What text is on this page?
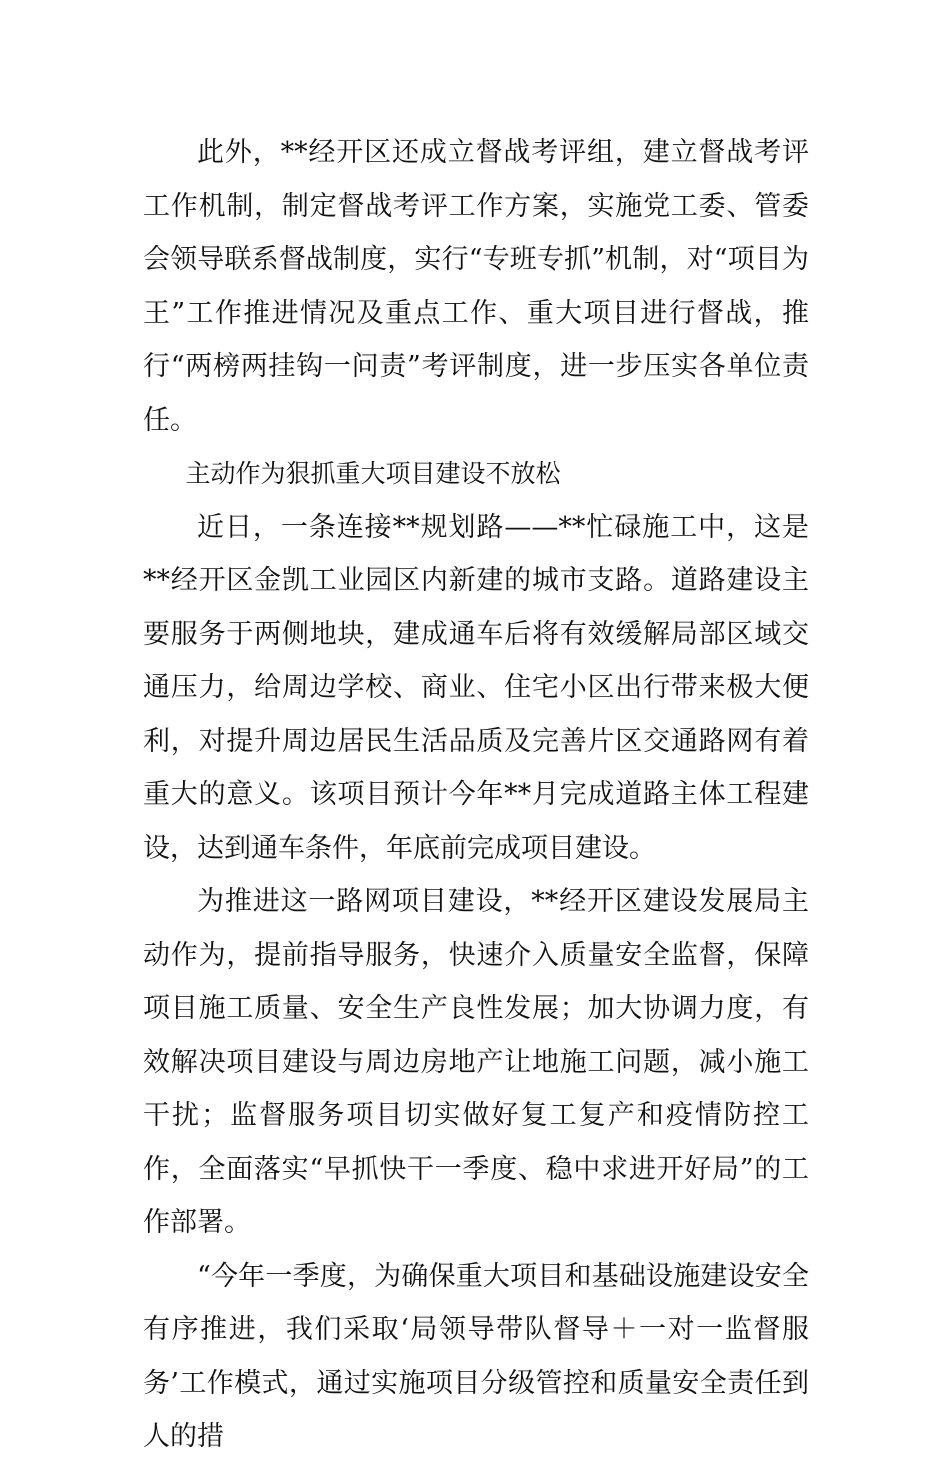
此外，**经开区还成立督战考评组，建立督战考评工作机制，制定督战考评工作方案，实施党工委、管委会领导联系督战制度，实行“专班专抓”机制，对“项目为王”工作推进情况及重点工作、重大项目进行督战，推行“两榜两挂钩一问责”考评制度，进一步压实各单位责任。

主动作为狠抓重大项目建设不放松

近日，一条连接**规划路——**忙碌施工中，这是**经开区金凯工业园区内新建的城市支路。道路建设主要服务于两侧地块，建成通车后将有效缓解局部区域交通压力，给周边学校、商业、住宅小区出行带来极大便利，对提升周边居民生活品质及完善片区交通路网有着重大的意义。该项目预计今年**月完成道路主体工程建设，达到通车条件，年底前完成项目建设。

为推进这一路网项目建设，**经开区建设发展局主动作为，提前指导服务，快速介入质量安全监督，保障项目施工质量、安全生产良性发展；加大协调力度，有效解决项目建设与周边房地产让地施工问题，减小施工干扰；监督服务项目切实做好复工复产和疫情防控工作，全面落实“早抓快干一季度、稳中求进开好局”的工作部署。

“今年一季度，为确保重大项目和基础设施建设安全有序推进，我们采取‘局领导带队督导＋一对一监督服务’工作模式，通过实施项目分级管控和质量安全责任到人的措
